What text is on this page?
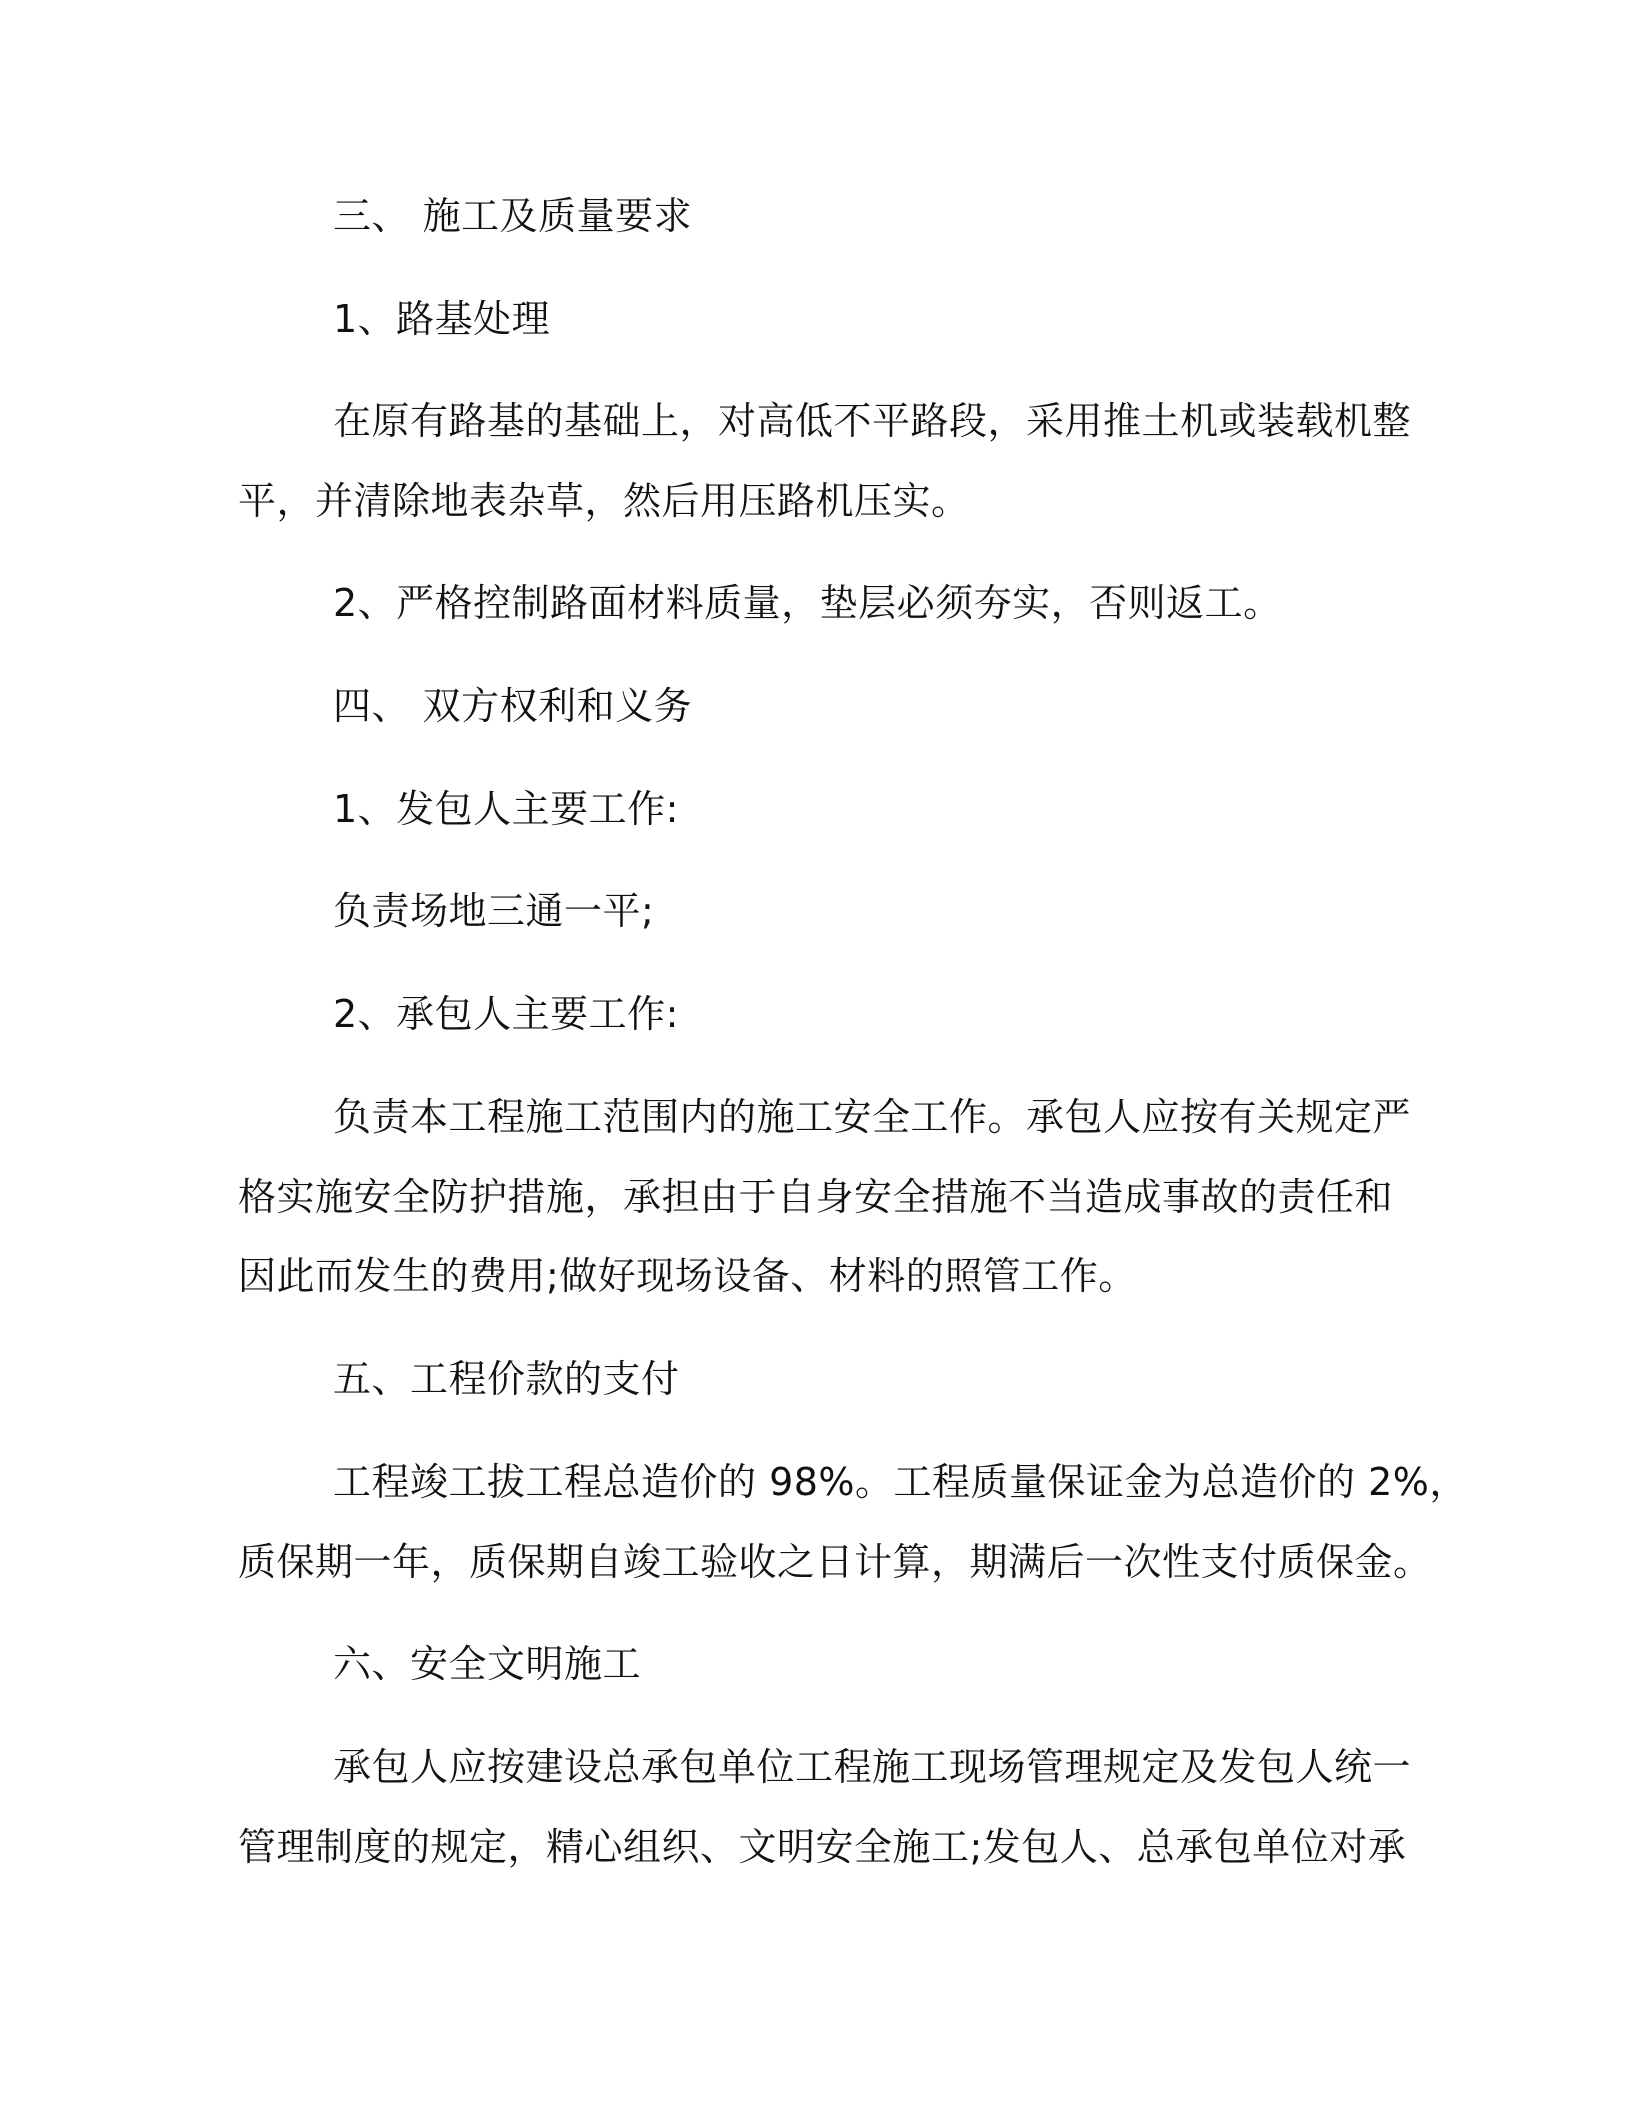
三、 施工及质量要求
1、路基处理
在原有路基的基础上，对高低不平路段，采用推土机或装载机整
平，并清除地表杂草，然后用压路机压实。
2、严格控制路面材料质量，垫层必须夯实，否则返工。
四、 双方权利和义务
1、发包人主要工作:
负责场地三通一平;
2、承包人主要工作:
负责本工程施工范围内的施工安全工作。承包人应按有关规定严
格实施安全防护措施，承担由于自身安全措施不当造成事故的责任和
因此而发生的费用;做好现场设备、材料的照管工作。
五、工程价款的支付
工程竣工拔工程总造价的 98%。工程质量保证金为总造价的 2%，
质保期一年，质保期自竣工验收之日计算，期满后一次性支付质保金。
六、安全文明施工
承包人应按建设总承包单位工程施工现场管理规定及发包人统一
管理制度的规定，精心组织、文明安全施工;发包人、总承包单位对承
